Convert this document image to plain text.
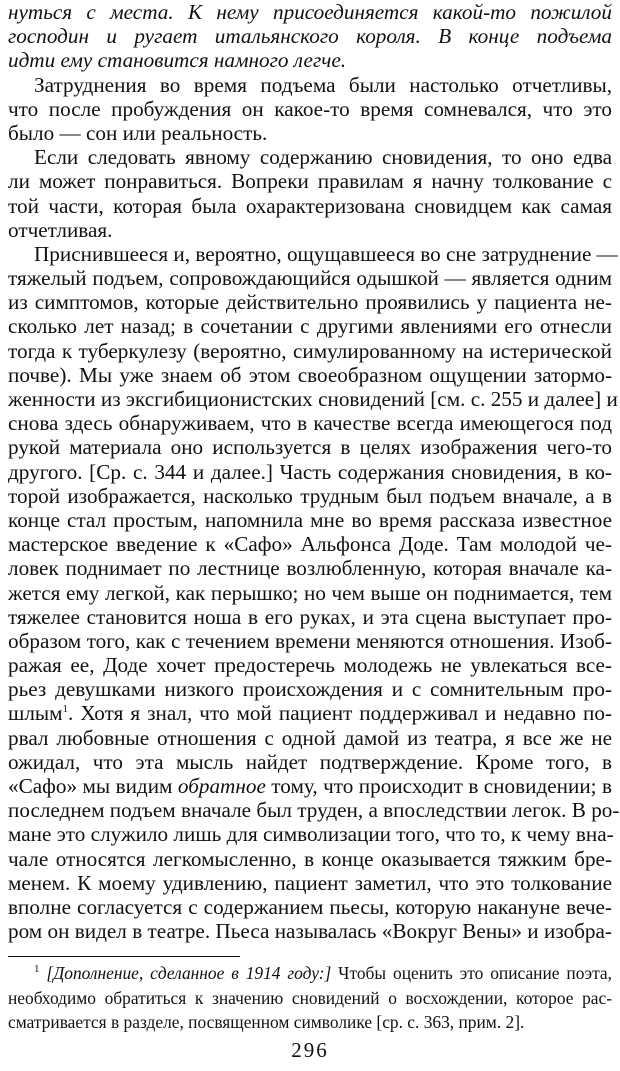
нуться с места. К нему присоединяется какой-то пожилой
господин и ругает итальянского короля. В конце подъема
идти ему становится намного легче.
Затруднения во время подъема были настолько отчетливы,
что после пробуждения он какое-то время сомневался, что это
было — сон или реальность.
Если следовать явному содержанию сновидения, то оно едва
ли может понравиться. Вопреки правилам я начну толкование с
той части, которая была охарактеризована сновидцем как самая
отчетливая.
Приснившееся и, вероятно, ощущавшееся во сне затруднение —
тяжелый подъем, сопровождающийся одышкой — является одним
из симптомов, которые действительно проявились у пациента не-
сколько лет назад; в сочетании с другими явлениями его отнесли
тогда к туберкулезу (вероятно, симулированному на истерической
почве). Мы уже знаем об этом своеобразном ощущении затормо-
женности из эксгибиционистских сновидений [см. с. 255 и далее] и
снова здесь обнаруживаем, что в качестве всегда имеющегося под
рукой материала оно используется в целях изображения чего-то
другого. [Ср. с. 344 и далее.] Часть содержания сновидения, в ко-
торой изображается, насколько трудным был подъем вначале, а в
конце стал простым, напомнила мне во время рассказа известное
мастерское введение к «Сафо» Альфонса Доде. Там молодой че-
ловек поднимает по лестнице возлюбленную, которая вначале ка-
жется ему легкой, как перышко; но чем выше он поднимается, тем
тяжелее становится ноша в его руках, и эта сцена выступает про-
образом того, как с течением времени меняются отношения. Изоб-
ражая ее, Доде хочет предостеречь молодежь не увлекаться все-
рьез девушками низкого происхождения и с сомнительным про-
шлым$^1$. Хотя я знал, что мой пациент поддерживал и недавно по-
рвал любовные отношения с одной дамой из театра, я все же не
ожидал, что эта мысль найдет подтверждение. Кроме того, в
«Сафо» мы видим обратное тому, что происходит в сновидении; в
последнем подъем вначале был труден, а впоследствии легок. В ро-
мане это служило лишь для символизации того, что то, к чему вна-
чале относятся легкомысленно, в конце оказывается тяжким бре-
менем. К моему удивлению, пациент заметил, что это толкование
вполне согласуется с содержанием пьесы, которую накануне вече-
ром он видел в театре. Пьеса называлась «Вокруг Вены» и изобра-
$^1$ [Дополнение, сделанное в 1914 году:] Чтобы оценить это описание поэта,
необходимо обратиться к значению сновидений о восхождении, которое рас-
сматривается в разделе, посвященном символике [ср. с. 363, прим. 2].
296
